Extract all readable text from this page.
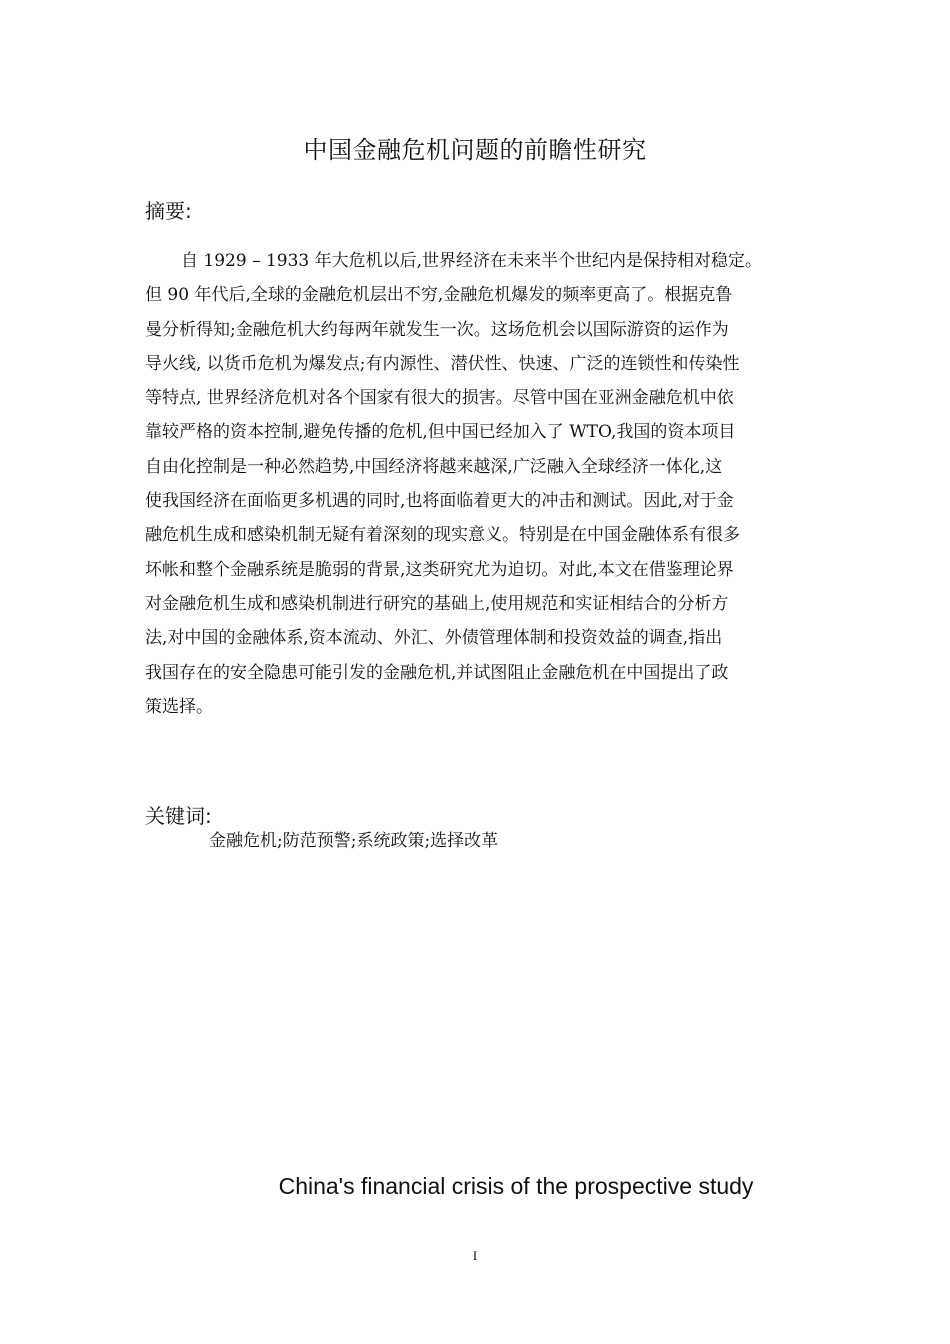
中国金融危机问题的前瞻性研究
摘要:
自 1929 – 1933 年大危机以后,世界经济在未来半个世纪内是保持相对稳定。
但 90 年代后,全球的金融危机层出不穷,金融危机爆发的频率更高了。根据克鲁
曼分析得知;金融危机大约每两年就发生一次。这场危机会以国际游资的运作为
导火线, 以货币危机为爆发点;有内源性、潜伏性、快速、广泛的连锁性和传染性
等特点, 世界经济危机对各个国家有很大的损害。尽管中国在亚洲金融危机中依
靠较严格的资本控制,避免传播的危机,但中国已经加入了 WTO,我国的资本项目
自由化控制是一种必然趋势,中国经济将越来越深,广泛融入全球经济一体化,这
使我国经济在面临更多机遇的同时,也将面临着更大的冲击和测试。因此,对于金
融危机生成和感染机制无疑有着深刻的现实意义。特别是在中国金融体系有很多
坏帐和整个金融系统是脆弱的背景,这类研究尤为迫切。对此,本文在借鉴理论界
对金融危机生成和感染机制进行研究的基础上,使用规范和实证相结合的分析方
法,对中国的金融体系,资本流动、外汇、外债管理体制和投资效益的调查,指出
我国存在的安全隐患可能引发的金融危机,并试图阻止金融危机在中国提出了政
策选择。
关键词:
金融危机;防范预警;系统政策;选择改革
China's financial crisis of the prospective study
I
